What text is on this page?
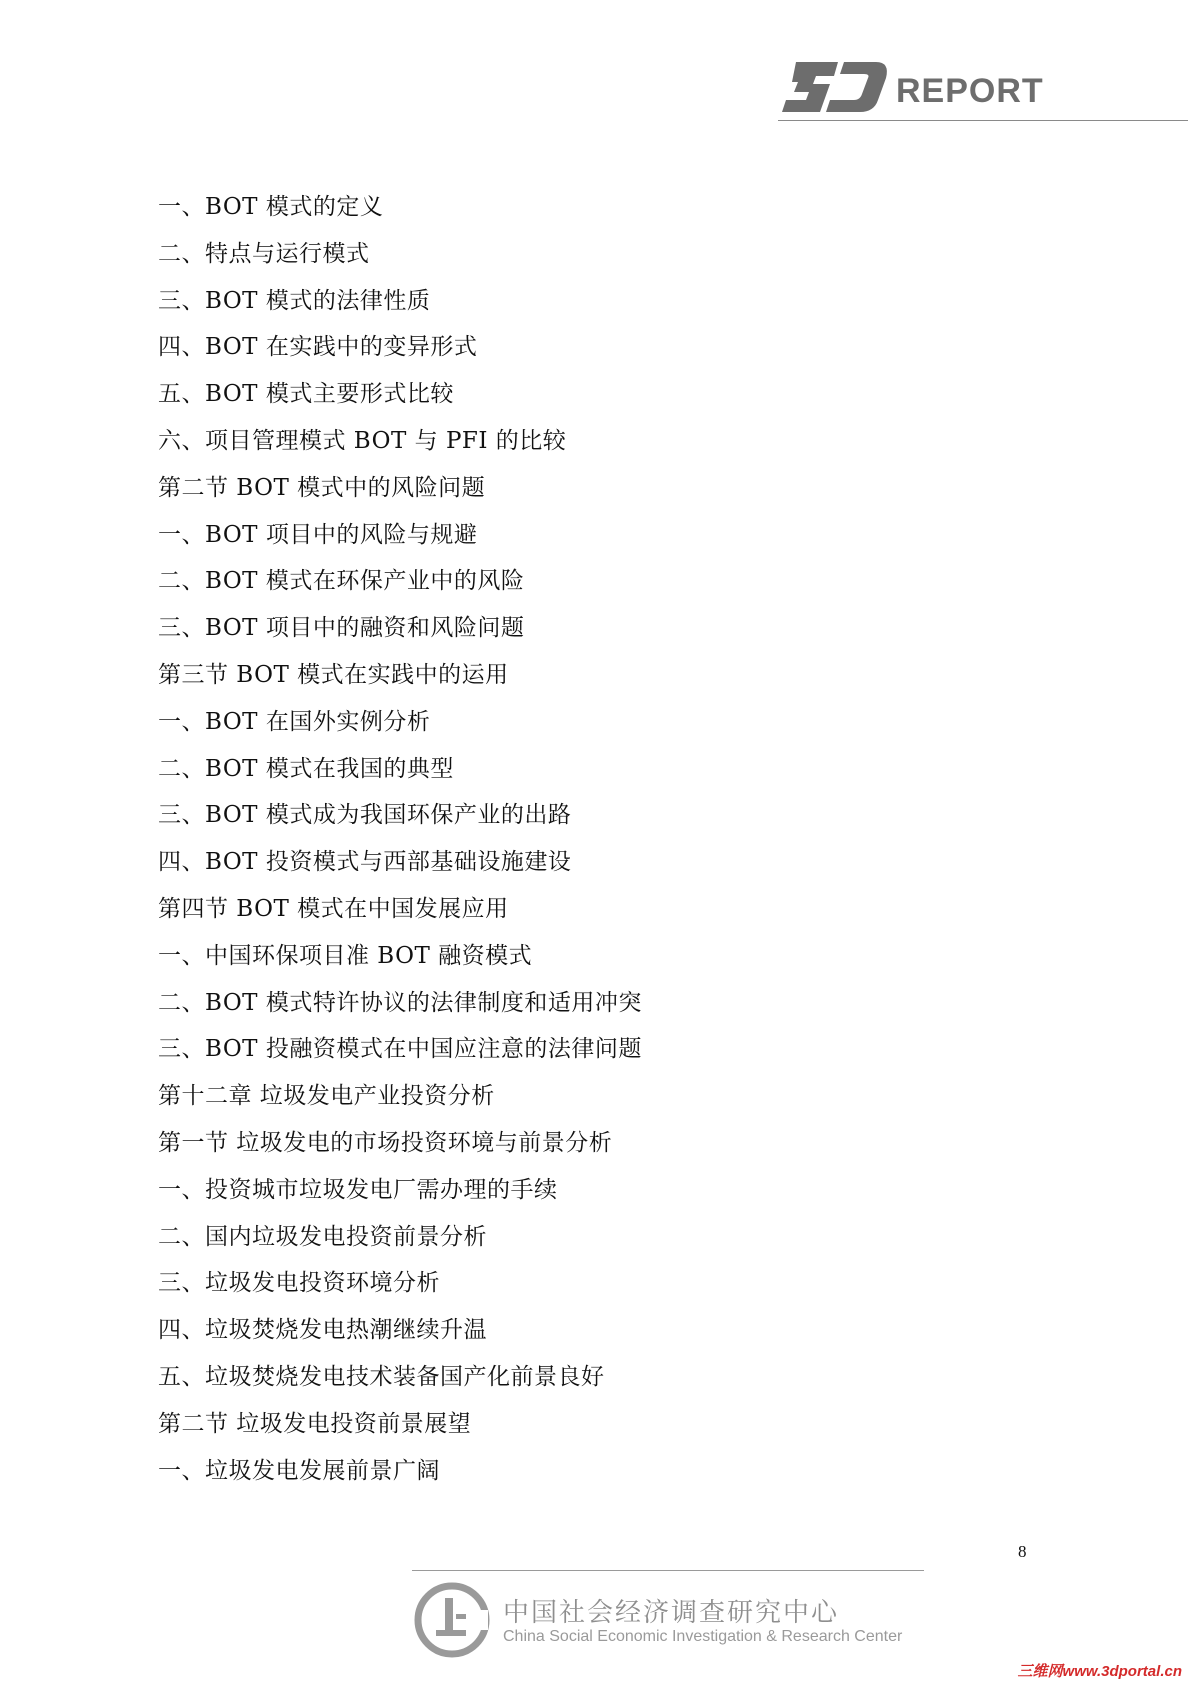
REPORT
一、BOT 模式的定义
二、特点与运行模式
三、BOT 模式的法律性质
四、BOT 在实践中的变异形式
五、BOT 模式主要形式比较
六、项目管理模式 BOT 与 PFI 的比较
第二节 BOT 模式中的风险问题
一、BOT 项目中的风险与规避
二、BOT 模式在环保产业中的风险
三、BOT 项目中的融资和风险问题
第三节 BOT 模式在实践中的运用
一、BOT 在国外实例分析
二、BOT 模式在我国的典型
三、BOT 模式成为我国环保产业的出路
四、BOT 投资模式与西部基础设施建设
第四节 BOT 模式在中国发展应用
一、中国环保项目准 BOT 融资模式
二、BOT 模式特许协议的法律制度和适用冲突
三、BOT 投融资模式在中国应注意的法律问题
第十二章 垃圾发电产业投资分析
第一节 垃圾发电的市场投资环境与前景分析
一、投资城市垃圾发电厂需办理的手续
二、国内垃圾发电投资前景分析
三、垃圾发电投资环境分析
四、垃圾焚烧发电热潮继续升温
五、垃圾焚烧发电技术装备国产化前景良好
第二节 垃圾发电投资前景展望
一、垃圾发电发展前景广阔
8
中国社会经济调查研究中心
China Social Economic Investigation & Research Center
三维网www.3dportal.cn
